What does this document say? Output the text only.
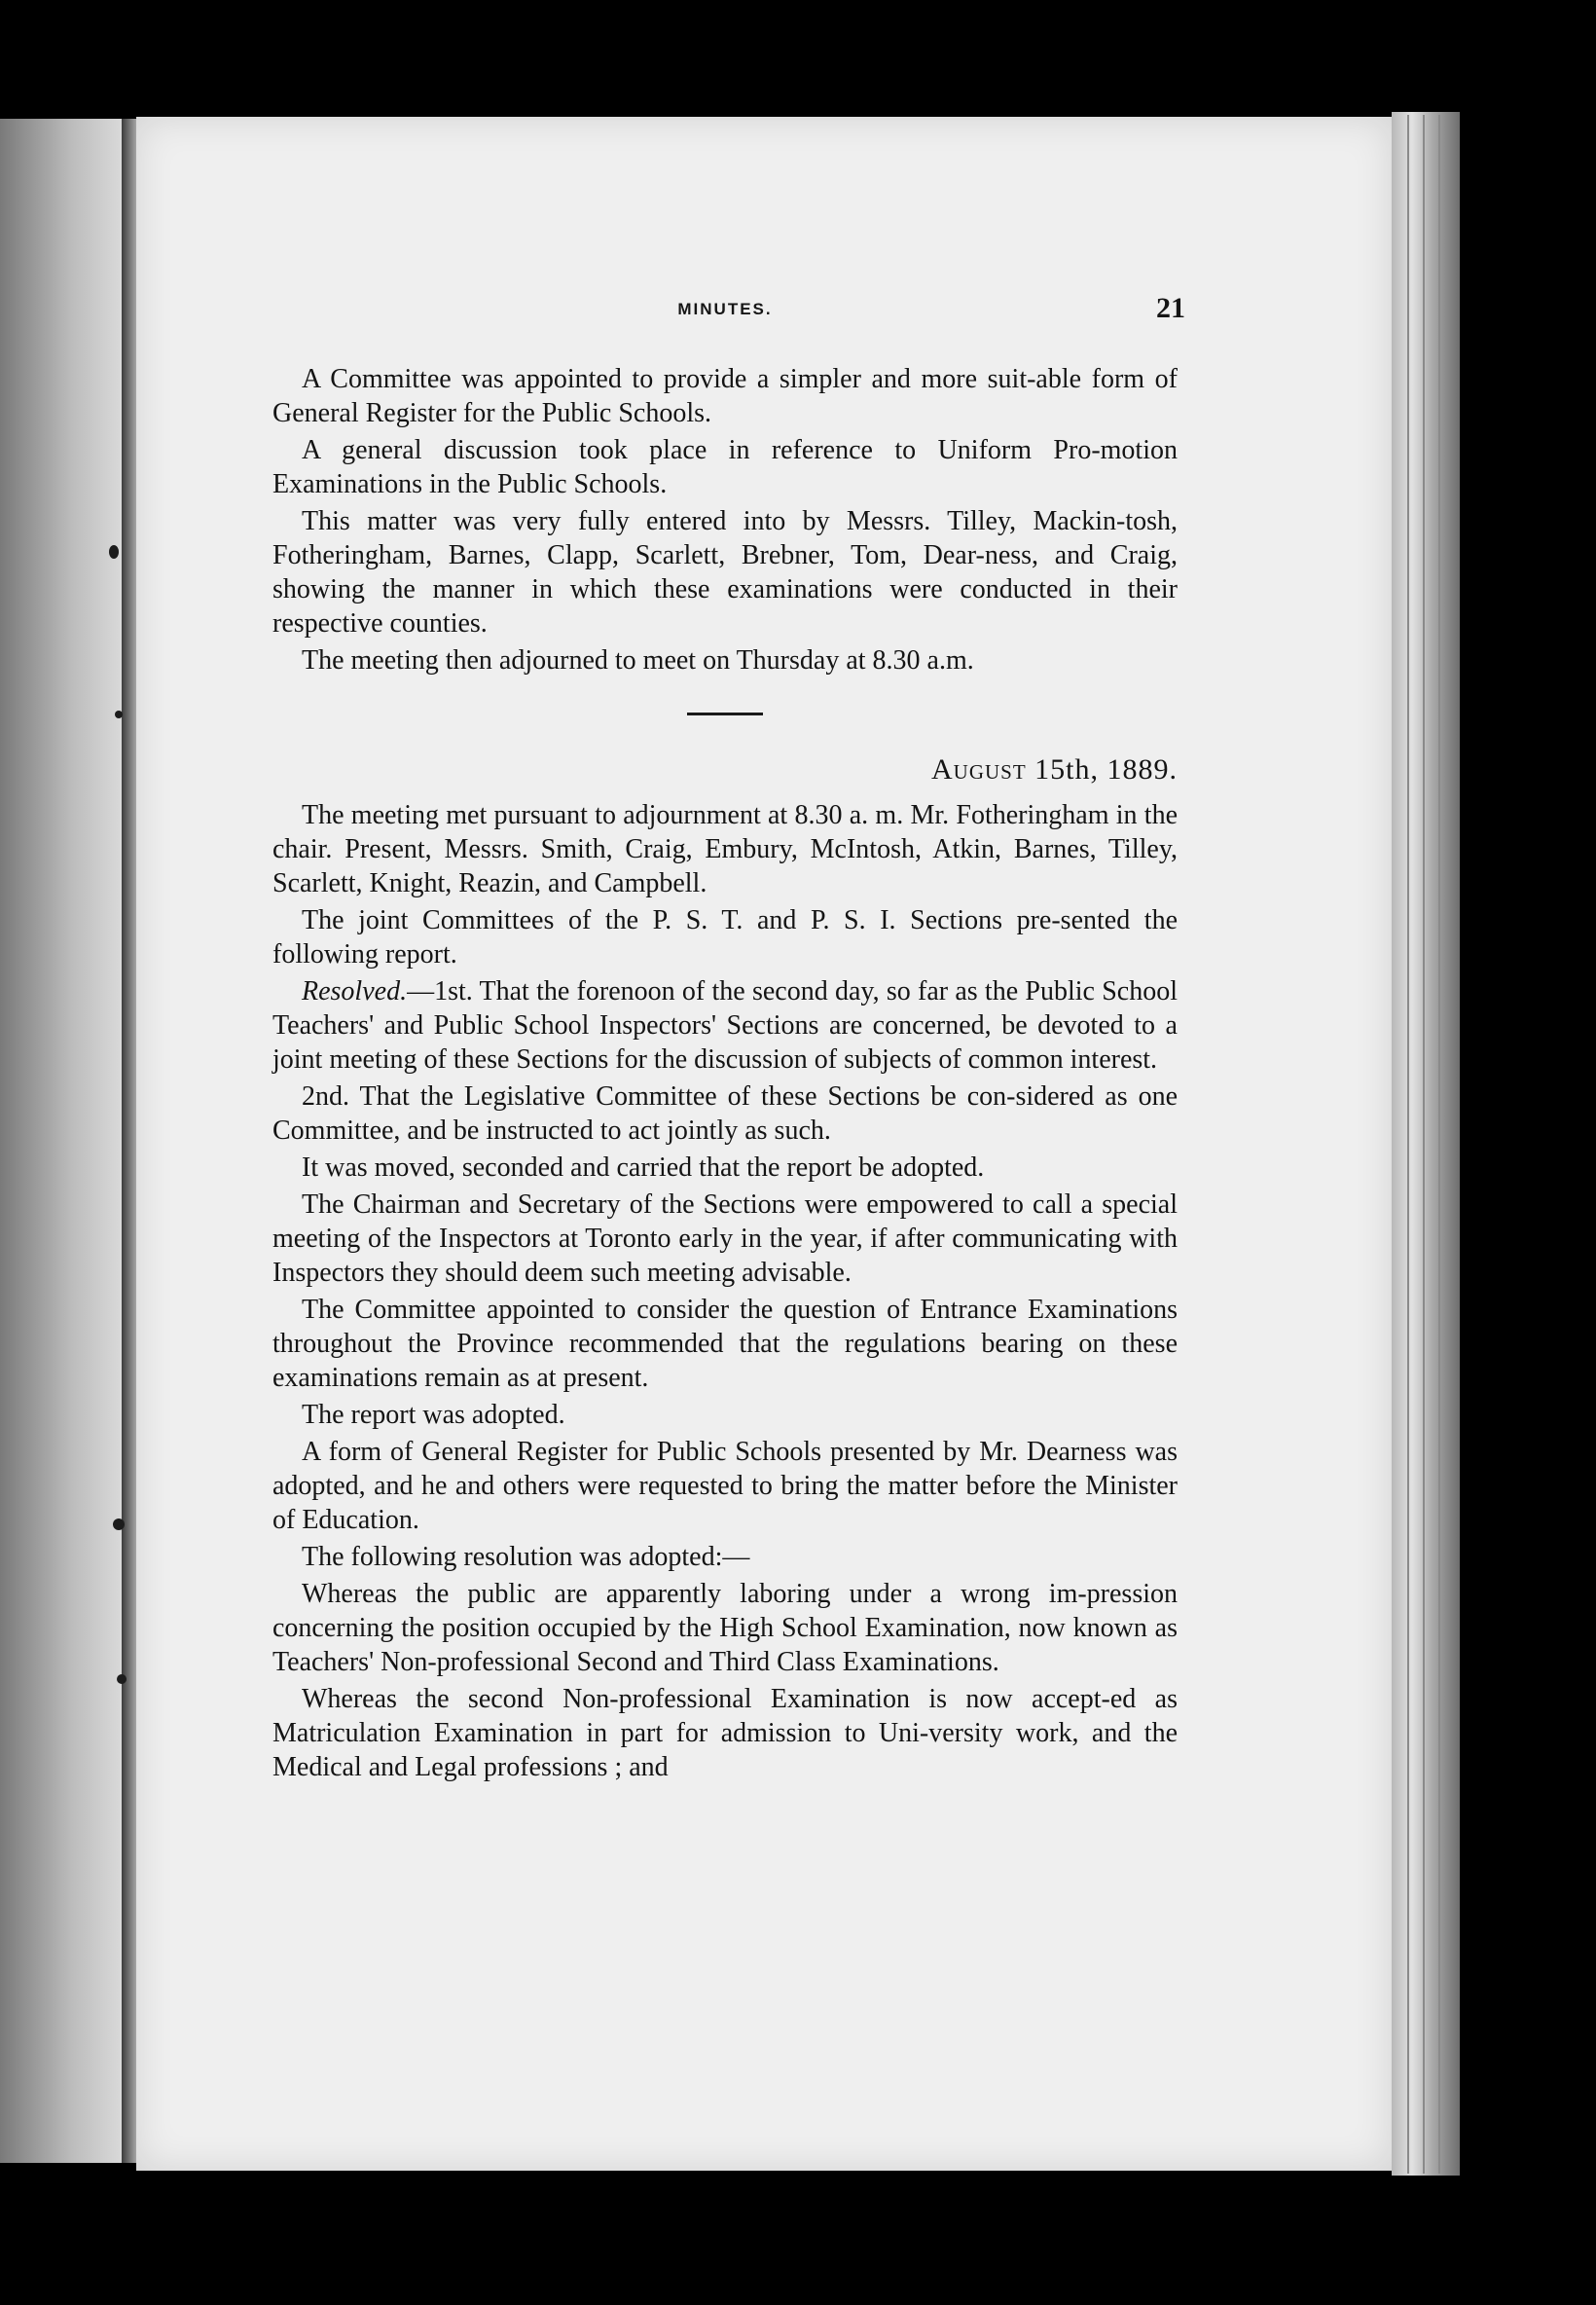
MINUTES.	21

A Committee was appointed to provide a simpler and more suit-able form of General Register for the Public Schools.

A general discussion took place in reference to Uniform Pro-motion Examinations in the Public Schools.

This matter was very fully entered into by Messrs. Tilley, Mackin-tosh, Fotheringham, Barnes, Clapp, Scarlett, Brebner, Tom, Dear-ness, and Craig, showing the manner in which these examinations were conducted in their respective counties.

The meeting then adjourned to meet on Thursday at 8.30 a.m.

August 15th, 1889.

The meeting met pursuant to adjournment at 8.30 a. m. Mr. Fotheringham in the chair. Present, Messrs. Smith, Craig, Embury, McIntosh, Atkin, Barnes, Tilley, Scarlett, Knight, Reazin, and Campbell.

The joint Committees of the P. S. T. and P. S. I. Sections pre-sented the following report.

Resolved.—1st. That the forenoon of the second day, so far as the Public School Teachers' and Public School Inspectors' Sections are concerned, be devoted to a joint meeting of these Sections for the discussion of subjects of common interest.

2nd. That the Legislative Committee of these Sections be con-sidered as one Committee, and be instructed to act jointly as such.

It was moved, seconded and carried that the report be adopted.

The Chairman and Secretary of the Sections were empowered to call a special meeting of the Inspectors at Toronto early in the year, if after communicating with Inspectors they should deem such meeting advisable.

The Committee appointed to consider the question of Entrance Examinations throughout the Province recommended that the regulations bearing on these examinations remain as at present.

The report was adopted.

A form of General Register for Public Schools presented by Mr. Dearness was adopted, and he and others were requested to bring the matter before the Minister of Education.

The following resolution was adopted:—

Whereas the public are apparently laboring under a wrong im-pression concerning the position occupied by the High School Examination, now known as Teachers' Non-professional Second and Third Class Examinations.

Whereas the second Non-professional Examination is now accept-ed as Matriculation Examination in part for admission to Uni-versity work, and the Medical and Legal professions ; and
